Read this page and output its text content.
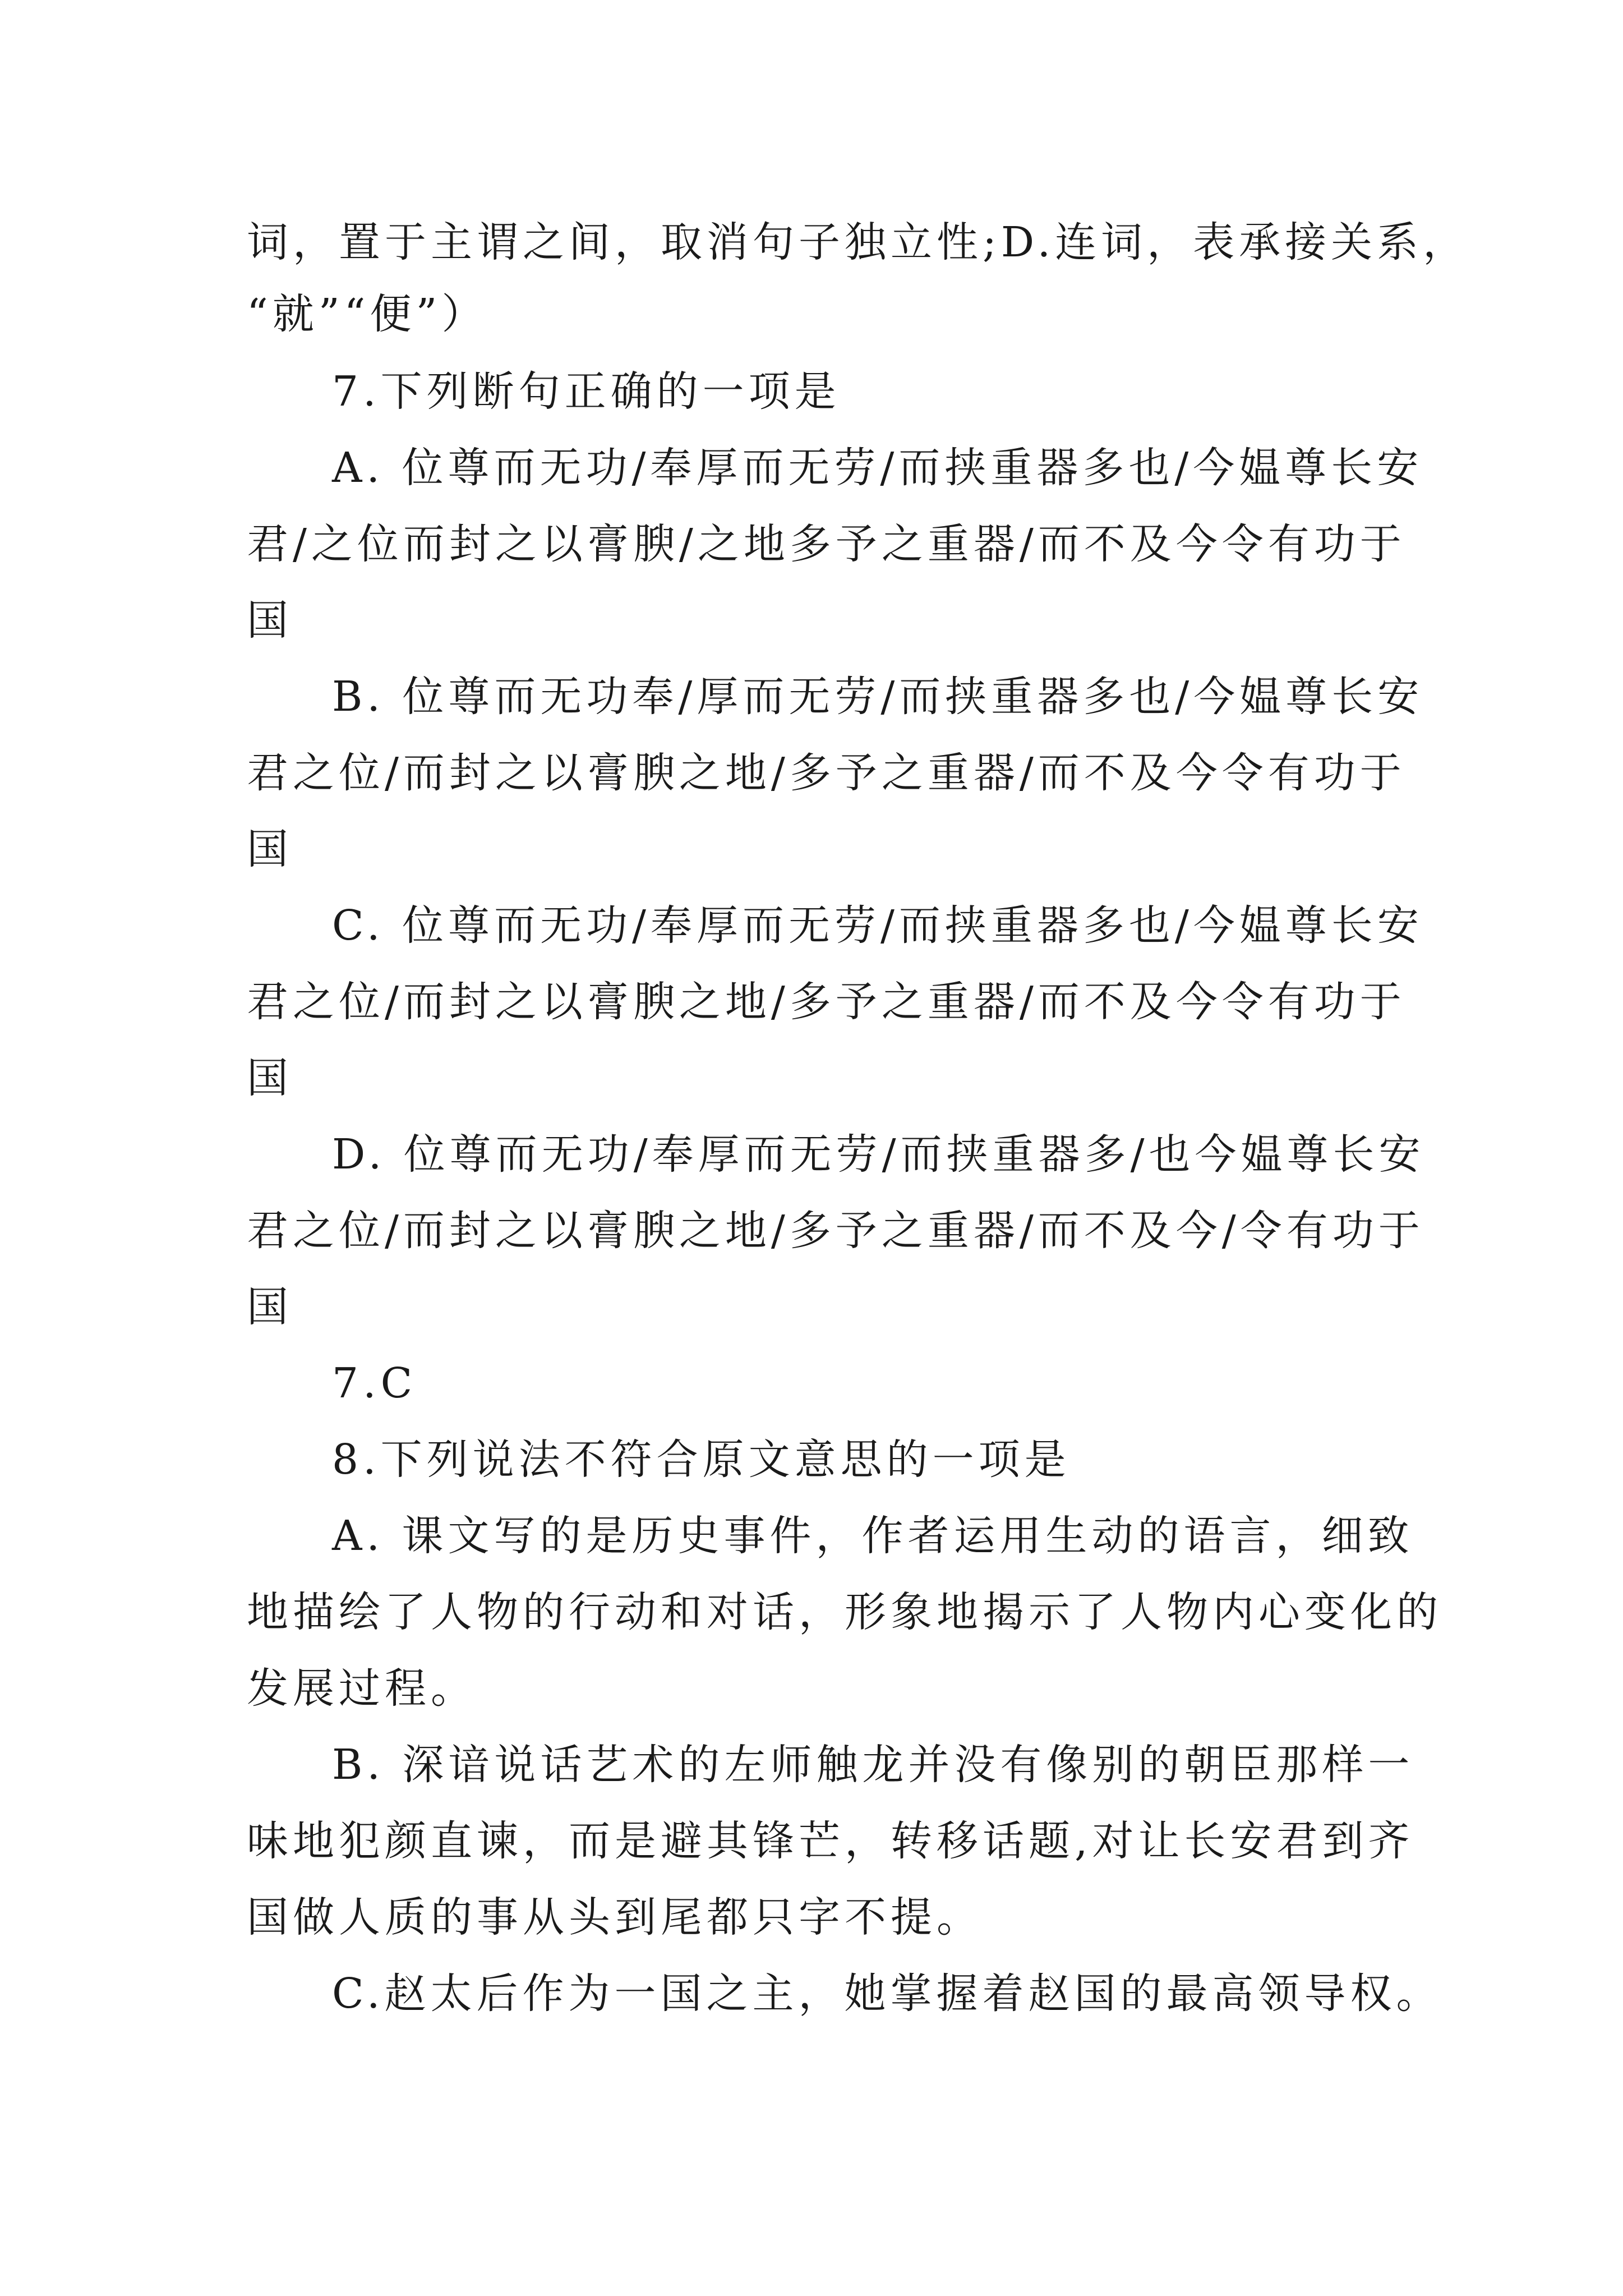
词，置于主谓之间，取消句子独立性;D.连词，表承接关系，
“就”“便”）
7.下列断句正确的一项是
A. 位尊而无功/奉厚而无劳/而挟重器多也/今媪尊长安
君/之位而封之以膏腴/之地多予之重器/而不及今令有功于
国
B. 位尊而无功奉/厚而无劳/而挟重器多也/今媪尊长安
君之位/而封之以膏腴之地/多予之重器/而不及今令有功于
国
C. 位尊而无功/奉厚而无劳/而挟重器多也/今媪尊长安
君之位/而封之以膏腴之地/多予之重器/而不及今令有功于
国
D. 位尊而无功/奉厚而无劳/而挟重器多/也今媪尊长安
君之位/而封之以膏腴之地/多予之重器/而不及今/令有功于
国
7.C
8.下列说法不符合原文意思的一项是
A. 课文写的是历史事件，作者运用生动的语言，细致
地描绘了人物的行动和对话，形象地揭示了人物内心变化的
发展过程。
B. 深谙说话艺术的左师触龙并没有像别的朝臣那样一
味地犯颜直谏，而是避其锋芒，转移话题,对让长安君到齐
国做人质的事从头到尾都只字不提。
C.赵太后作为一国之主，她掌握着赵国的最高领导权。
